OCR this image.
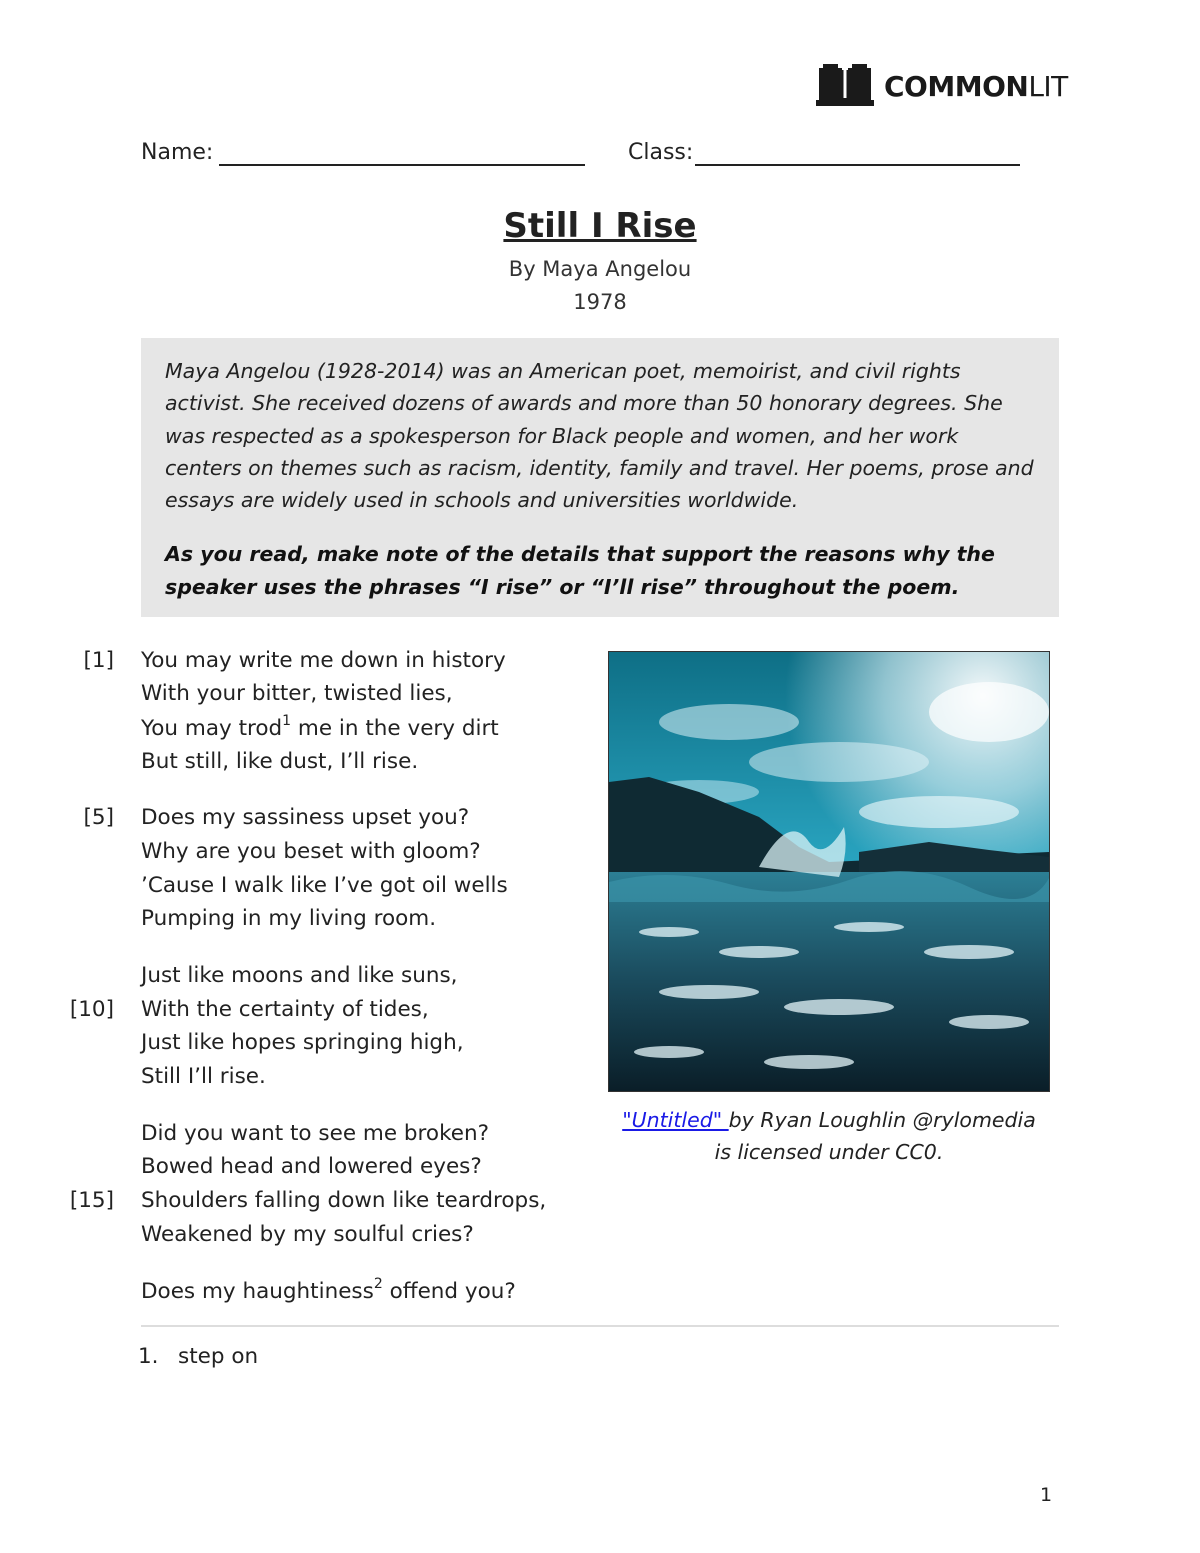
COMMONLIT
Name:	Class:
Still I Rise
By Maya Angelou
1978
Maya Angelou (1928-2014) was an American poet, memoirist, and civil rights activist. She received dozens of awards and more than 50 honorary degrees. She was respected as a spokesperson for Black people and women, and her work centers on themes such as racism, identity, family and travel. Her poems, prose and essays are widely used in schools and universities worldwide.
As you read, make note of the details that support the reasons why the speaker uses the phrases “I rise” or “I’ll rise” throughout the poem.
[1]
[5]
[10]
[15]
You may write me down in history
With your bitter, twisted lies,
You may trod$^1$ me in the very dirt
But still, like dust, I’ll rise.
Does my sassiness upset you?
Why are you beset with gloom?
’Cause I walk like I’ve got oil wells
Pumping in my living room.
Just like moons and like suns,
With the certainty of tides,
Just like hopes springing high,
Still I’ll rise.
Did you want to see me broken?
Bowed head and lowered eyes?
Shoulders falling down like teardrops,
Weakened by my soulful cries?
Does my haughtiness$^2$ offend you?
"Untitled" by Ryan Loughlin @rylomedia
is licensed under CC0.
1. step on
1
